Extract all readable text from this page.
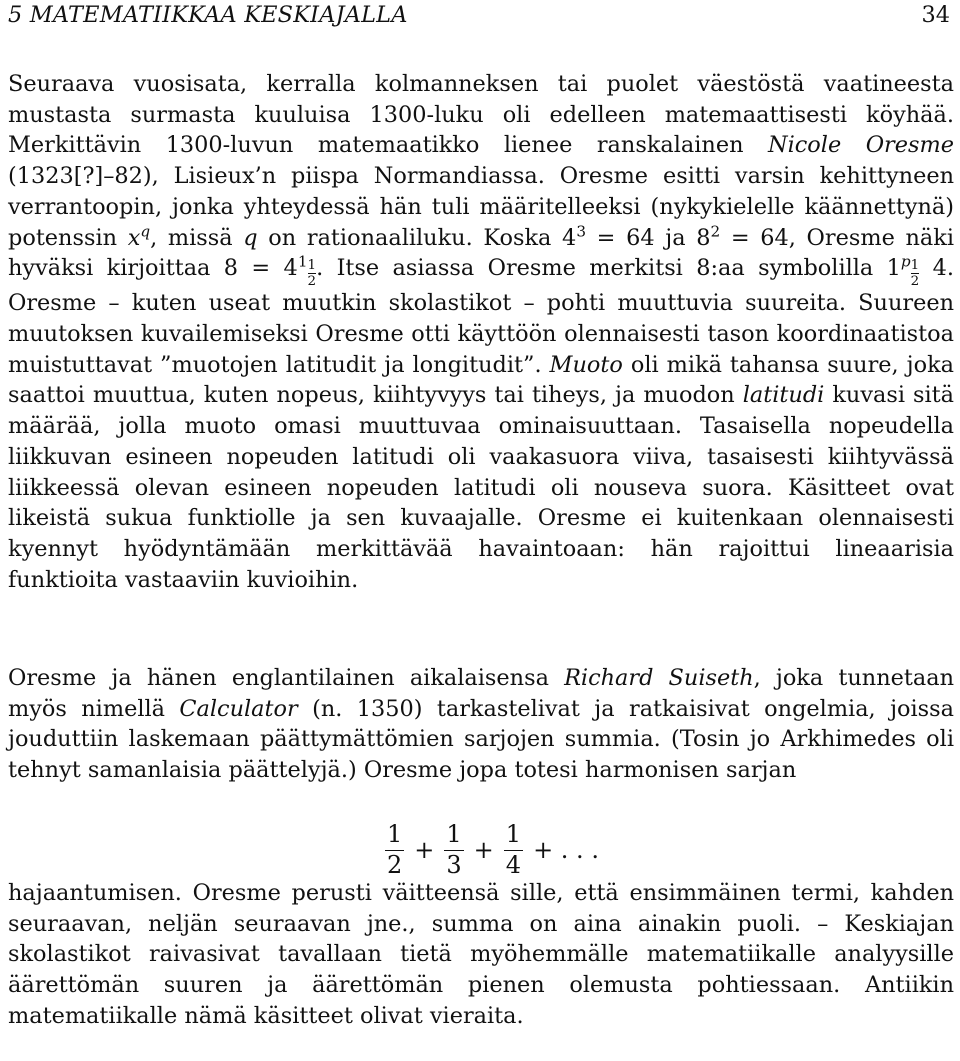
5 MATEMATIIKKAA KESKIAJALLA	34

Seuraava vuosisata, kerralla kolmanneksen tai puolet väestöstä vaatineesta mustasta surmasta kuuluisa 1300-luku oli edelleen matemaattisesti köyhää. Merkittävin 1300-luvun matemaatikko lienee ranskalainen Nicole Oresme (1323[?]–82), Lisieux’n piispa Normandiassa. Oresme esitti varsin kehittyneen verrantoopin, jonka yhteydessä hän tuli määritelleeksi (nykykielelle käännettynä) potenssin $x^q$, missä q on rationaaliluku. Koska $4^3 = 64$ ja $8^2 = 64$, Oresme näki hyväksi kirjoittaa $8 = 4^1 \frac{1}{2}$ . Itse asiassa Oresme merkitsi 8:aa symbolilla $1^p \frac{1}{2} 4$. Oresme – kuten useat muutkin skolastikot – pohti muuttuvia suureita. Suureen muutoksen kuvailemiseksi Oresme otti käyttöön olennaisesti tason koordinaatistoa muistuttavat ”muotojen latitudit ja longitudit”. Muoto oli mikä tahansa suure, joka saattoi muuttua, kuten nopeus, kiihtyvyys tai tiheys, ja muodon latitudi kuvasi sitä määrää, jolla muoto omasi muuttuvaa ominaisuuttaan. Tasaisella nopeudella liikkuvan esineen nopeuden latitudi oli vaakasuora viiva, tasaisesti kiihtyvässä liikkeessä olevan esineen nopeuden latitudi oli nouseva suora. Käsitteet ovat likeistä sukua funktiolle ja sen kuvaajalle. Oresme ei kuitenkaan olennaisesti kyennyt hyödyntämään merkittävää havaintoaan: hän rajoittui lineaarisia funktioita vastaaviin kuvioihin.

Oresme ja hänen englantilainen aikalaisensa Richard Suiseth, joka tunnetaan myös nimellä Calculator (n. 1350) tarkastelivat ja ratkaisivat ongelmia, joissa jouduttiin laskemaan päättymättömien sarjojen summia. (Tosin jo Arkhimedes oli tehnyt samanlaisia päättelyjä.) Oresme jopa totesi harmonisen sarjan

$\frac{1}{2} + \frac{1}{3} + \frac{1}{4}$ + . . .

hajaantumisen. Oresme perusti väitteensä sille, että ensimmäinen termi, kahden seuraavan, neljän seuraavan jne., summa on aina ainakin puoli. – Keskiajan skolastikot raivasivat tavallaan tietä myöhemmälle matematiikalle analyysille äärettömän suuren ja äärettömän pienen olemusta pohtiessaan. Antiikin matematiikalle nämä käsitteet olivat vieraita.
